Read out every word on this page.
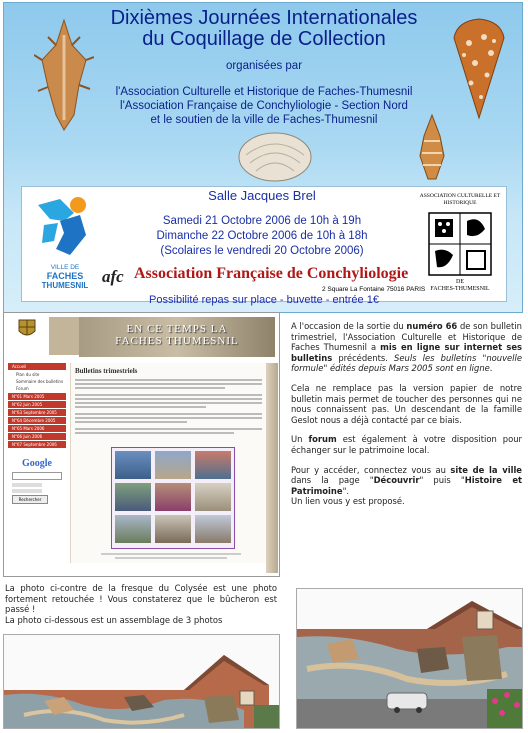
Dixièmes Journées Internationales
du Coquillage de Collection
organisées par
l'Association Culturelle et Historique de Faches-Thumesnil
l'Association Française de Conchyliologie - Section Nord
et le soutien de la ville de Faches-Thumesnil
VILLE DE
FACHES
THUMESNIL
Salle Jacques Brel
Samedi 21 Octobre 2006 de 10h à 19h
Dimanche 22 Octobre 2006 de 10h à 18h
(Scolaires le vendredi 20 Octobre 2006)
afc Association Française de Conchyliologie
2 Square La Fontaine 75016 PARIS
ASSOCIATION CULTURELLE ET HISTORIQUE
DE
FACHES-THUMESNIL
Possibilité repas sur place - buvette - entrée 1€
EN CE TEMPS LA
FACHES THUMESNIL
Accueil
Plan du site
Sommaire des bulletins
Forum
N°61 Mars 2005
N°62 Juin 2005
N°63 Septembre 2005
N°64 Décembre 2005
N°65 Mars 2006
N°66 Juin 2006
N°67 Septembre 2006
Google
Rechercher
Bulletins trimestriels

A l'occasion de la sortie du numéro 66 de son bulletin trimestriel, l'Association Culturelle et Historique de Faches Thumesnil a mis en ligne sur internet ses bulletins précédents. Seuls les bulletins "nouvelle formule" édités depuis Mars 2005 sont en ligne.

Cela ne remplace pas la version papier de notre bulletin mais permet de toucher des personnes qui ne nous connaissent pas. Un descendant de la famille Geslot nous a déjà contacté par ce biais.

Un forum est également à votre disposition pour échanger sur le patrimoine local.

Pour y accéder, connectez vous au site de la ville dans la page "Découvrir" puis "Histoire et Patrimoine".

Un lien vous y est proposé.

La photo ci-contre de la fresque du Colysée est une photo fortement retouchée ! Vous constaterez que le bûcheron est passé !

La photo ci-dessous est un assemblage de 3 photos
